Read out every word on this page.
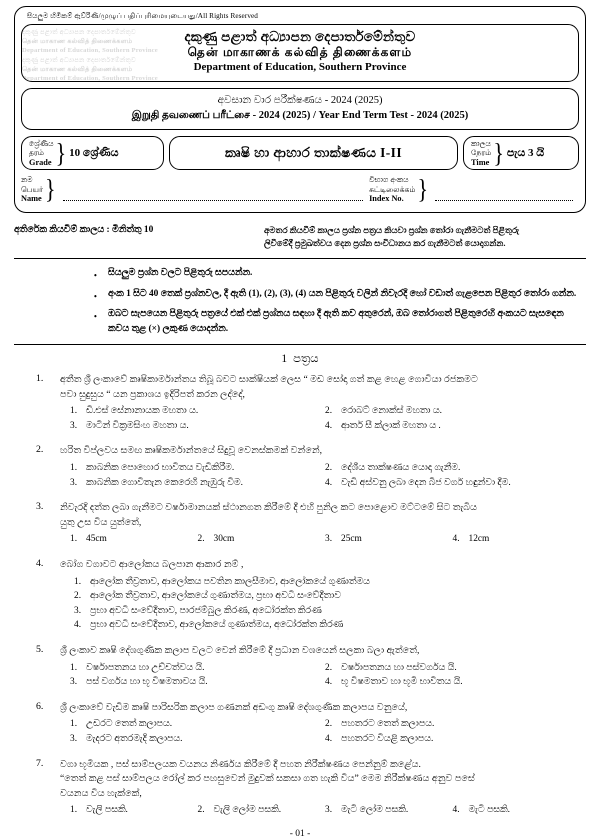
සියලුම හිමිකම් ඇව්රිණි/முழுப் பதிப்புரிமையுடையது/All Rights Reserved
දකුණු පළාත් අධ්‍යාපන දෙපාර්තමේන්තුව
தென் மாகாண கல்வித் திணைக்களம்
Department of Education, Southern Province
දකුණු පළාත් අධ්‍යාපන දෙපාර්තමේන්තුව
தென் மாகாண கல்வித் திணைக்களம்
Department of Education, Southern Province
දකුණු පළාත් අධ්‍යාපන දෙපාර්තමේන්තුව
தென் மாகாணக் கல்வித் திணைக்களம்
Department of Education, Southern Province
අවසාන වාර පරීක්ෂණය - 2024 (2025)
இறுதி தவணைப் பரீட்சை - 2024 (2025) / Year End Term Test - 2024 (2025)
ශ්‍රේණිය
தரம்
Grade } 10 ශ්‍රේණිය	කෘෂි හා ආහාර තාක්ෂණය I-II
කාලය
நேரம்
Time } පැය 3 යි
නම
பெயர்
Name }	විභාග අංකය
சுட்டிலைக்கம்
Index No. }
අතිරේක කියවීම් කාලය : මිනිත්තු 10	අමතර කියවීම් කාලය ප්‍රශ්න පත්‍රය කියවා ප්‍රශ්න තෝරා ගැනීමටත් පිළිතුරු
ලිවීමේදී ප්‍රමුඛත්වය දෙන ප්‍රශ්න සංවිධානය කර ගැනීමටත් යොදාගන්න.
•	සියලුම ප්‍රශ්න වලට පිළිතුරු සපයන්න.
•	අංක 1 සිට 40 තෙක් ප්‍රශ්නවල, දී ඇති (1), (2), (3), (4) යන පිළිතුරු වලින් නිවැරදි හෝ වඩාත් ගැළපෙන පිළිතුර තෝරා ගන්න.
•	ඔබට සැපයෙන පිළිතුරු පත්‍රයේ එක් එක් ප්‍රශ්නය සඳහා දී ඇති කව අතුරෙන්, ඔබ තෝරාගත් පිළිතුරෙහි අංකයට සැසඳෙන කවය තුළ (×) ලකුණ යොදන්න.
1 පත්‍රය
1.	අතීත ශ්‍රී ලංකාවේ කෘෂිකාර්මාන්තය තිබූ බවට සාක්ෂියක් ලෙස “ මඩ සෝදා ගත් කළ හෙළ ගොවියා රජකමට
පවා සුදුසුය “ යන ප්‍රකාශය ඉදිරිපත් කරන ලද්දේ,
1. ඩී.එස් සේනානායක මහතා ය.	2. රොබට් නොක්ස් මහතා ය.
3. මාටින් වික්‍රමසිංහ මහතා ය.	4. ආතර් සී ක්ලාක් මහතා ය .
2.	හරිත විප්ලවය සමඟ කෘෂිකර්මාන්තයේ සිදුවූ වෙනස්කමක් වන්නේ,
1. කාබනික පොහොර භාවිතය වැඩිකිරීම.	2. දේශීය තාක්ෂණය යොදා ගැනීම.
3. කාබනික ගොවිතැන කෙරෙහි නැඹුරු වීම.	4. වැඩි අස්වනු ලබා දෙන බීජ වර්ග හඳුන්වා දීම.
3.	නිවැරදි දත්ත ලබා ගැනීමට වර්ෂාමානයක් ස්ථානගත කිරීමේ දී එහි පුනිල කට පොළොව මට්ටමේ සිට තැබිය
යුතු උස විය යුත්තේ,
1. 45cm	2. 30cm	3. 25cm	4. 12cm
4.	බෝග වගාවට ආලෝකය බලපාන ආකාර නම් ,
1. ආලෝක තීව්‍රතාව, ආලෝකය පවතින කාලසීමාව, ආලෝකයේ ගුණාත්මය
2. ආලෝක තීව්‍රතාව, ආලෝකයේ ගුණාත්මය, ප්‍රභා අවධි සංවේදීතාව
3. ප්‍රභා අවධි සංවේදීතාව, පාරජම්බුල කිරණ, අධෝරක්ත කිරණ
4. ප්‍රභා අවධි සංවේදීතාව, ආලෝකයේ ගුණාත්මය, අධෝරක්ත කිරණ
5.	ශ්‍රී ලංකාව කෘෂි දේශගුණික කලාප වලට වෙන් කිරීමේ දී ප්‍රධාන වශයෙන් සලකා බලා ඇත්තේ,
1. වර්ෂාපතනය හා උච්චත්වය යි.	2. වර්ෂාපතනය හා පස්වර්ගය යි.
3. පස් වර්ගය හා භූ විෂමතාවය යි.	4. භූ විෂමතාව හා භූමි භාවිතය යි.
6.	ශ්‍රී ලංකාවේ වැඩිම කෘෂි පාරිසරික කලාප ගණනක් අඩංගු කෘෂි දේශගුණික කලාපය වනුයේ,
1. උඩරට තෙත් කලාපය.	2. පහතරට තෙත් කලාපය.
3. මැදරට අතරමැදි කලාපය.	4. පහතරට වියළි කලාපය.
7.	වගා භූමියක , පස් සාම්පලයක වයනය නිර්ණය කිරීමේ දී පහත නිරීක්ෂණය පෙන්නුම් කළේය.
“තෙත් කළ පස් සාම්පලය රෝල් කර පහසුවෙන් මුදුවක් සකසා ගත හැකි විය” මෙම නිරීක්ෂණය අනුව පසේ
වයනය විය හැක්කේ,
1. වැලි පසකි.	2. වැලි ලෝම පසකි.	3. මැටි ලෝම පසකි.	4. මැටි පසකි.
- 01 -
